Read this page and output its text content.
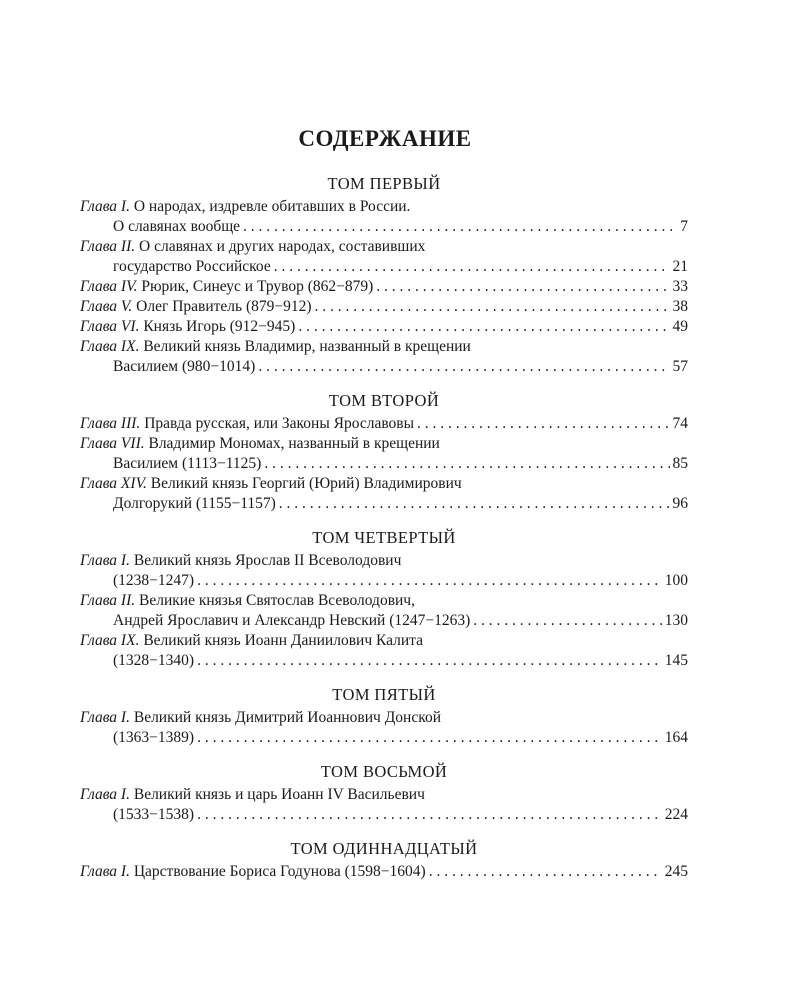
СОДЕРЖАНИЕ
ТОМ ПЕРВЫЙ
Глава I. О народах, издревле обитавших в России.
О славянах вообще . . .	7
Глава II. О славянах и других народах, составивших
государство Российское . . .	21
Глава IV. Рюрик, Синеус и Трувор (862−879) . . .	33
Глава V. Олег Правитель (879−912) . . .	38
Глава VI. Князь Игорь (912−945) . . .	49
Глава IX. Великий князь Владимир, названный в крещении
Василием (980−1014) . . .	57
ТОМ ВТОРОЙ
Глава III. Правда русская, или Законы Ярославовы . . .	74
Глава VII. Владимир Мономах, названный в крещении
Василием (1113−1125) . . .	85
Глава XIV. Великий князь Георгий (Юрий) Владимирович
Долгорукий (1155−1157) . . .	96
ТОМ ЧЕТВЕРТЫЙ
Глава I. Великий князь Ярослав II Всеволодович
(1238−1247) . . .	100
Глава II. Великие князья Святослав Всеволодович,
Андрей Ярославич и Александр Невский (1247−1263) . . .	130
Глава IX. Великий князь Иоанн Даниилович Калита
(1328−1340) . . .	145
ТОМ ПЯТЫЙ
Глава I. Великий князь Димитрий Иоаннович Донской
(1363−1389) . . .	164
ТОМ ВОСЬМОЙ
Глава I. Великий князь и царь Иоанн IV Васильевич
(1533−1538) . . .	224
ТОМ ОДИННАДЦАТЫЙ
Глава I. Царствование Бориса Годунова (1598−1604) . . .	245
